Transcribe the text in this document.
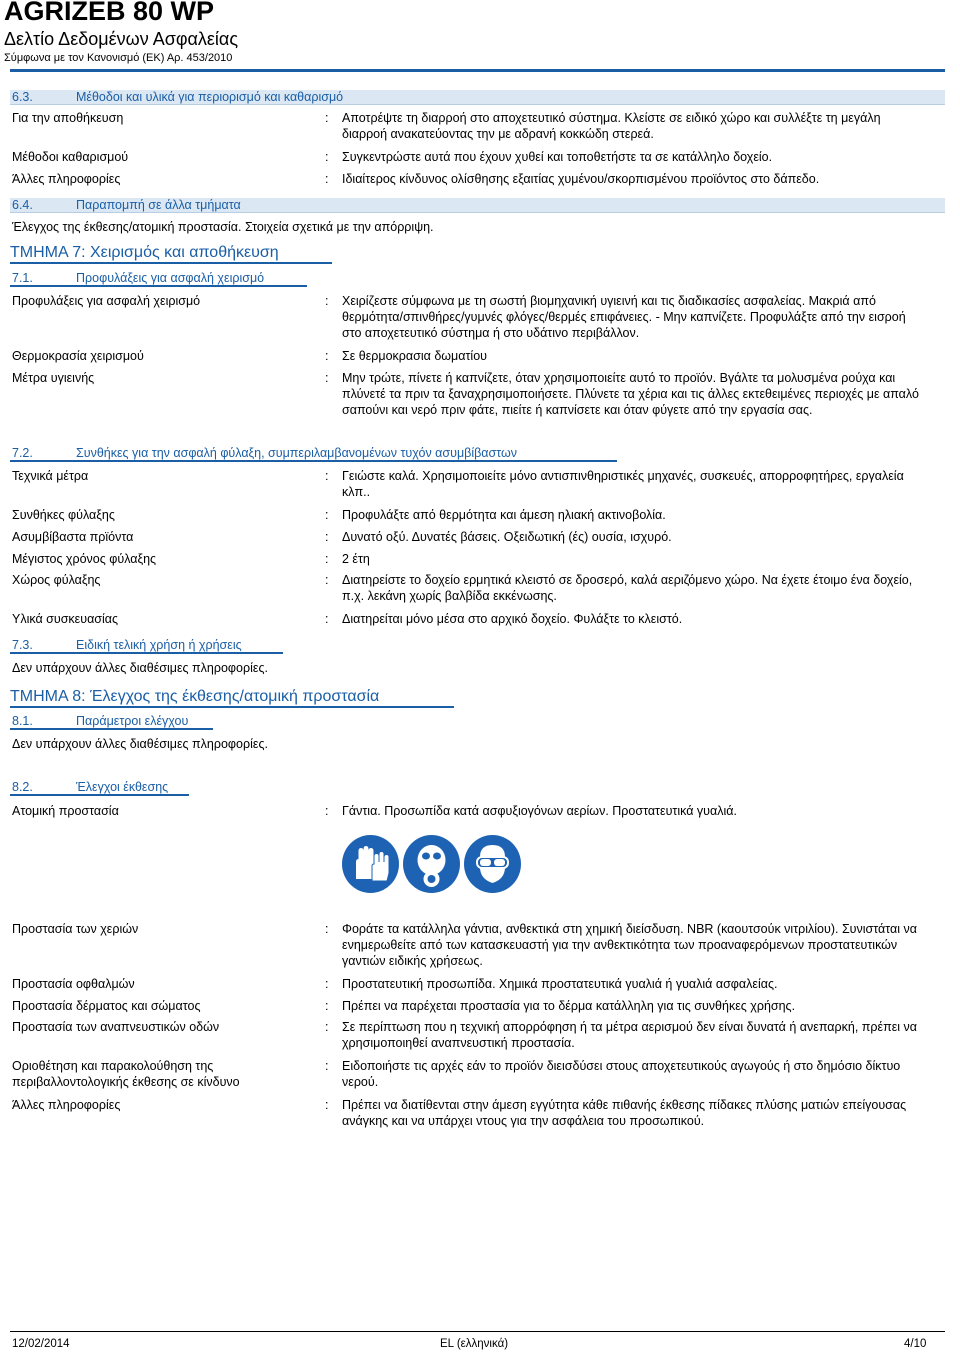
AGRIZEB 80 WP
Δελτίο Δεδομένων Ασφαλείας
Σύμφωνα με τον Κανονισμό (ΕΚ) Αρ. 453/2010
6.3.	Μέθοδοι και υλικά για περιορισμό και καθαρισμό
Για την αποθήκευση	: Αποτρέψτε τη διαρροή στο αποχετευτικό σύστημα. Κλείστε σε ειδικό χώρο και συλλέξτε τη μεγάλη διαρροή ανακατεύοντας την με αδρανή κοκκώδη στερεά.
Μέθοδοι καθαρισμού	: Συγκεντρώστε αυτά που έχουν χυθεί και τοποθετήστε τα σε κατάλληλο δοχείο.
Άλλες πληροφορίες	: Ιδιαίτερος κίνδυνος ολίσθησης εξαιτίας χυμένου/σκορπισμένου προϊόντος στο δάπεδο.
6.4.	Παραπομπή σε άλλα τμήματα
Έλεγχος της έκθεσης/ατομική προστασία. Στοιχεία σχετικά με την απόρριψη.
ΤΜΗΜΑ 7: Χειρισμός και αποθήκευση
7.1.	Προφυλάξεις για ασφαλή χειρισμό
Προφυλάξεις για ασφαλή χειρισμό	: Χειρίζεστε σύμφωνα με τη σωστή βιομηχανική υγιεινή και τις διαδικασίες ασφαλείας. Μακριά από θερμότητα/σπινθήρες/γυμνές φλόγες/θερμές επιφάνειες. - Μην καπνίζετε. Προφυλάξτε από την εισροή στο αποχετευτικό σύστημα ή στο υδάτινο περιβάλλον.
Θερμοκρασία χειρισμού	: Σε θερμοκρασια δωματίου
Μέτρα υγιεινής	: Μην τρώτε, πίνετε ή καπνίζετε, όταν χρησιμοποιείτε αυτό το προϊόν. Βγάλτε τα μολυσμένα ρούχα και πλύνετέ τα πριν τα ξαναχρησιμοποιήσετε. Πλύνετε τα χέρια και τις άλλες εκτεθειμένες περιοχές με απαλό σαπούνι και νερό πριν φάτε, πιείτε ή καπνίσετε και όταν φύγετε από την εργασία σας.
7.2.	Συνθήκες για την ασφαλή φύλαξη, συμπεριλαμβανομένων τυχόν ασυμβίβαστων
Τεχνικά μέτρα	: Γειώστε καλά. Χρησιμοποιείτε μόνο αντισπινθηριστικές μηχανές, συσκευές, απορροφητήρες, εργαλεία κλπ..
Συνθήκες φύλαξης	: Προφυλάξτε από θερμότητα και άμεση ηλιακή ακτινοβολία.
Ασυμβίβαστα πρϊόντα	: Δυνατό οξύ. Δυνατές βάσεις. Οξειδωτική (ές) ουσία, ισχυρό.
Μέγιστος χρόνος φύλαξης	: 2 έτη
Χώρος φύλαξης	: Διατηρείστε το δοχείο ερμητικά κλειστό σε δροσερό, καλά αεριζόμενο χώρο. Να έχετε έτοιμο ένα δοχείο, π.χ. λεκάνη χωρίς βαλβίδα εκκένωσης.
Υλικά συσκευασίας	: Διατηρείται μόνο μέσα στο αρχικό δοχείο. Φυλάξτε το κλειστό.
7.3.	Ειδική τελική χρήση ή χρήσεις
Δεν υπάρχουν άλλες διαθέσιμες πληροφορίες.
ΤΜΗΜΑ 8: Έλεγχος της έκθεσης/ατομική προστασία
8.1.	Παράμετροι ελέγχου
Δεν υπάρχουν άλλες διαθέσιμες πληροφορίες.
8.2.	Έλεγχοι έκθεσης
Ατομική προστασία	: Γάντια. Προσωπίδα κατά ασφυξιογόνων αερίων. Προστατευτικά γυαλιά.
Προστασία των χεριών	: Φοράτε τα κατάλληλα γάντια, ανθεκτικά στη χημική διείσδυση. NBR (καουτσούκ νιτριλίου). Συνιστάται να ενημερωθείτε από των κατασκευαστή για την ανθεκτικότητα των προαναφερόμενων προστατευτικών γαντιών ειδικής χρήσεως.
Προστασία οφθαλμών	: Προστατευτική προσωπίδα. Χημικά προστατευτικά γυαλιά ή γυαλιά ασφαλείας.
Προστασία δέρματος και σώματος	: Πρέπει να παρέχεται προστασία για το δέρμα κατάλληλη για τις συνθήκες χρήσης.
Προστασία των αναπνευστικών οδών	: Σε περίπτωση που η τεχνική απορρόφηση ή τα μέτρα αερισμού δεν είναι δυνατά ή ανεπαρκή, πρέπει να χρησιμοποιηθεί αναπνευστική προστασία.
Οριοθέτηση και παρακολούθηση της περιβαλλοντολογικής έκθεσης σε κίνδυνο
: Ειδοποιήστε τις αρχές εάν το προϊόν διεισδύσει στους αποχετευτικούς αγωγούς ή στο δημόσιο δίκτυο νερού.
Άλλες πληροφορίες	: Πρέπει να διατίθενται στην άμεση εγγύτητα κάθε πιθανής έκθεσης πίδακες πλύσης ματιών επείγουσας ανάγκης και να υπάρχει ντους για την ασφάλεια του προσωπικού.
12/02/2014	EL (ελληνικά)	4/10
